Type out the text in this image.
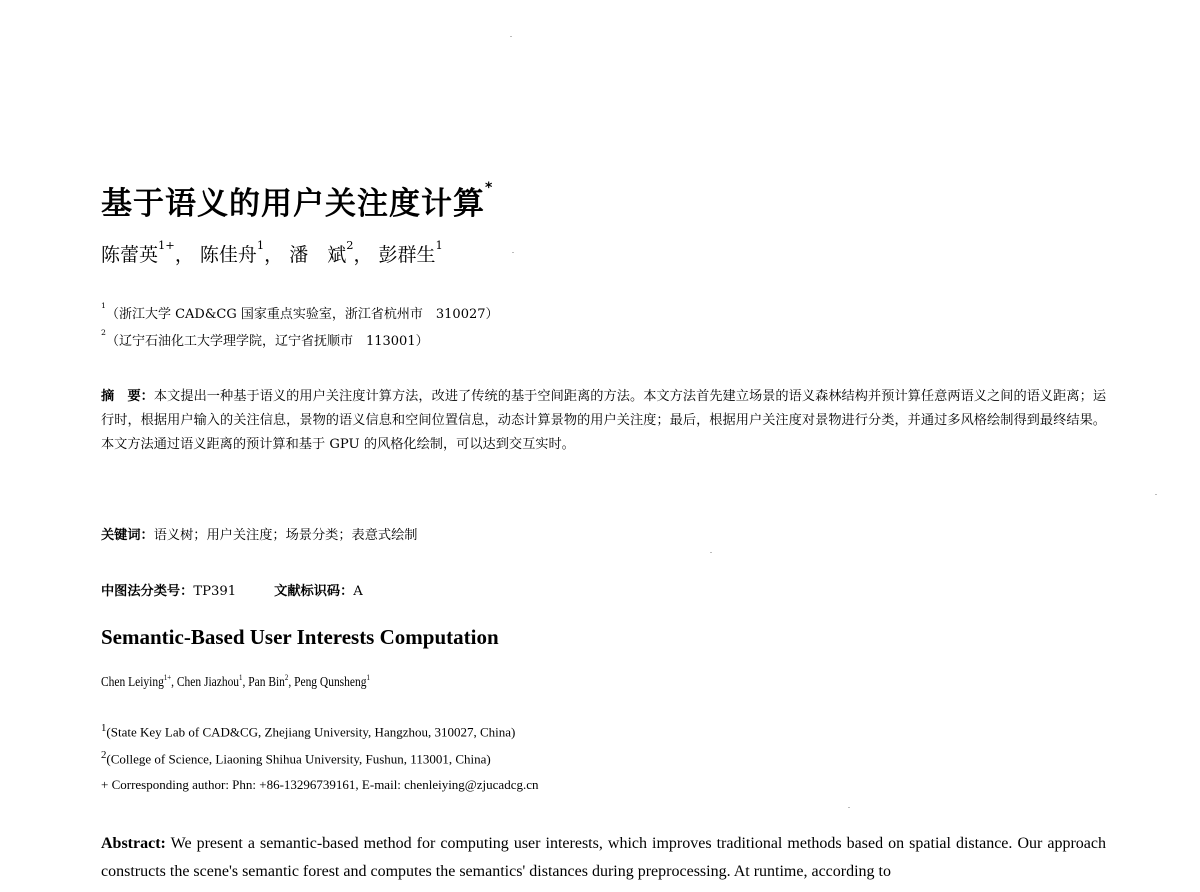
基于语义的用户关注度计算*
陈蕾英$^{1+}$， 陈佳舟$^1$， 潘　斌$^2$， 彭群生$^1$
$^1$（浙江大学 CAD&CG 国家重点实验室，浙江省杭州市　310027）
$^2$（辽宁石油化工大学理学院，辽宁省抚顺市　113001）
摘　要：本文提出一种基于语义的用户关注度计算方法，改进了传统的基于空间距离的方法。本文方法首先建立场景的语义森林结构并预计算任意两语义之间的语义距离；运行时，根据用户输入的关注信息，景物的语义信息和空间位置信息，动态计算景物的用户关注度；最后，根据用户关注度对景物进行分类，并通过多风格绘制得到最终结果。本文方法通过语义距离的预计算和基于 GPU 的风格化绘制，可以达到交互实时。
关键词：语义树；用户关注度；场景分类；表意式绘制
中图法分类号：TP391	文献标识码：A
Semantic-Based User Interests Computation
Chen Leiying$^{1+}$, Chen Jiazhou$^1$, Pan Bin$^2$, Peng Qunsheng$^1$
$^1$(State Key Lab of CAD&CG, Zhejiang University, Hangzhou, 310027, China)
$^2$(College of Science, Liaoning Shihua University, Fushun, 113001, China)
+ Corresponding author: Phn: +86-13296739161, E-mail: chenleiying@zjucadcg.cn
Abstract: We present a semantic-based method for computing user interests, which improves traditional methods based on spatial distance. Our approach constructs the scene's semantic forest and computes the semantics' distances during preprocessing. At runtime, according to
